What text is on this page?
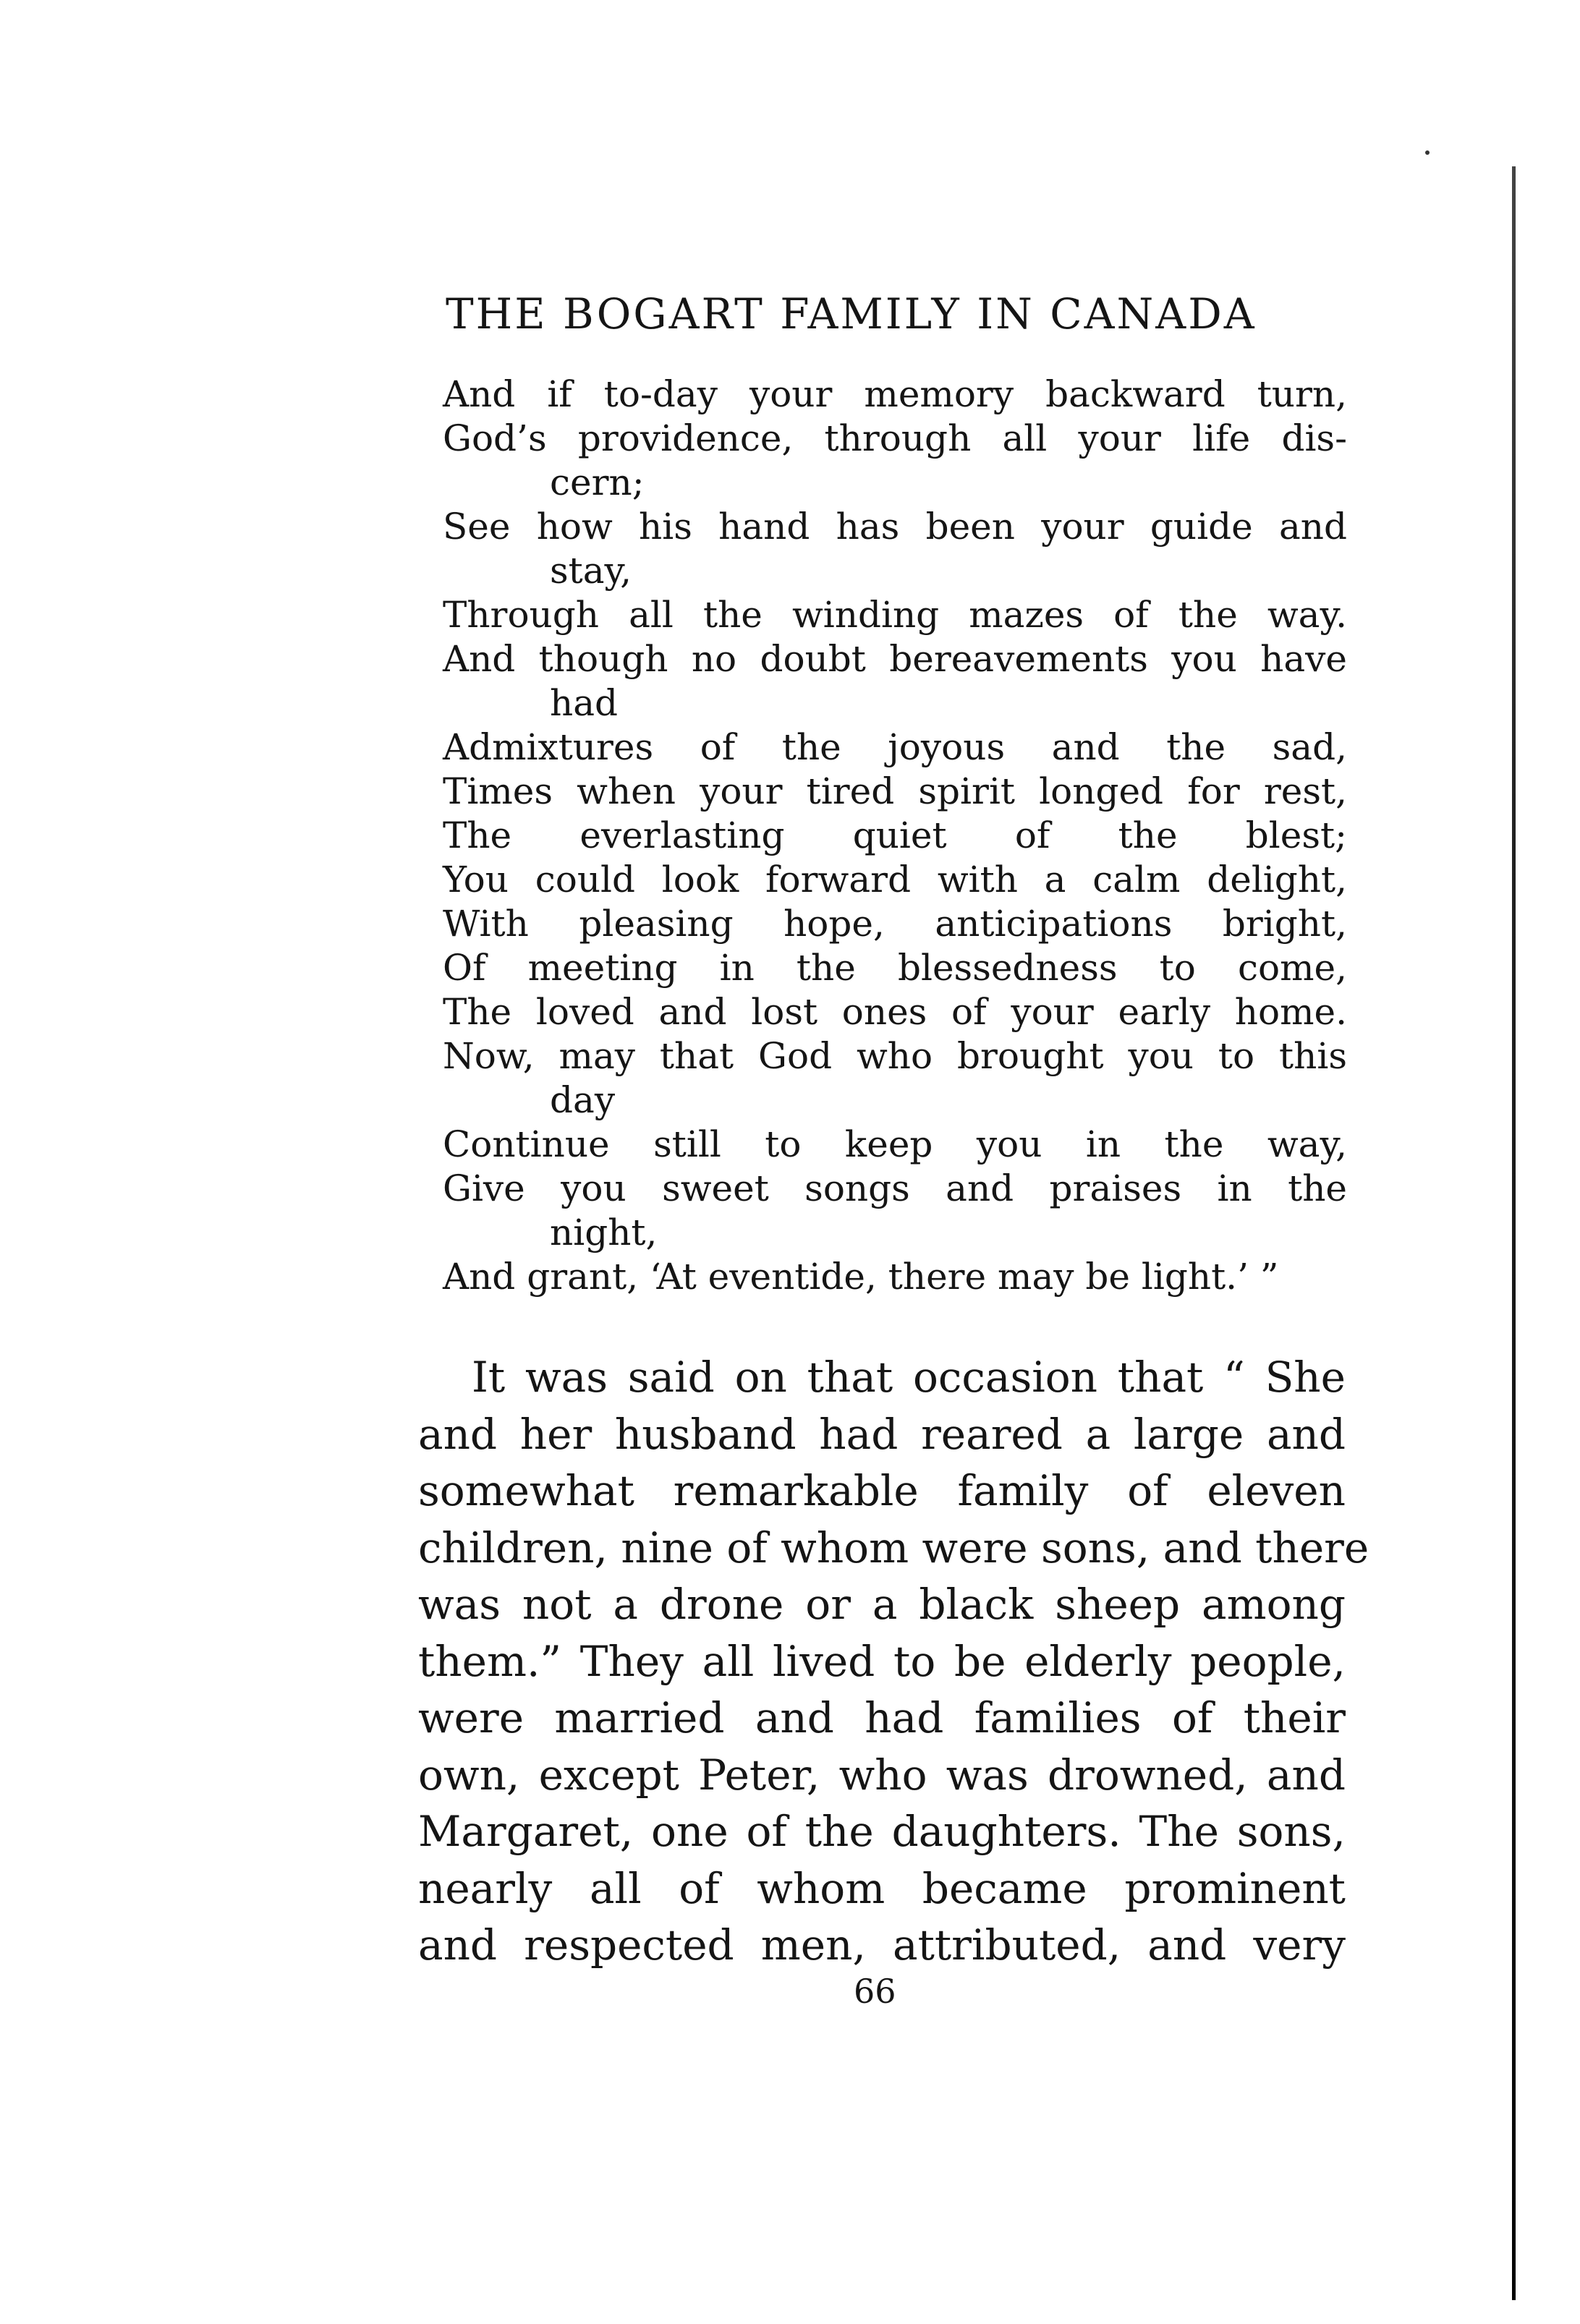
THE BOGART FAMILY IN CANADA
And if to-day your memory backward turn,
God’s providence, through all your life dis-
cern;
See how his hand has been your guide and
stay,
Through all the winding mazes of the way.
And though no doubt bereavements you have
had
Admixtures of the joyous and the sad,
Times when your tired spirit longed for rest,
The everlasting quiet of the blest;
You could look forward with a calm delight,
With pleasing hope, anticipations bright,
Of meeting in the blessedness to come,
The loved and lost ones of your early home.
Now, may that God who brought you to this
day
Continue still to keep you in the way,
Give you sweet songs and praises in the
night,
And grant, ‘At eventide, there may be light.’ ”
It was said on that occasion that “ She
and her husband had reared a large and
somewhat remarkable family of eleven
children, nine of whom were sons, and there
was not a drone or a black sheep among
them.” They all lived to be elderly people,
were married and had families of their
own, except Peter, who was drowned, and
Margaret, one of the daughters. The sons,
nearly all of whom became prominent
and respected men, attributed, and very
66
